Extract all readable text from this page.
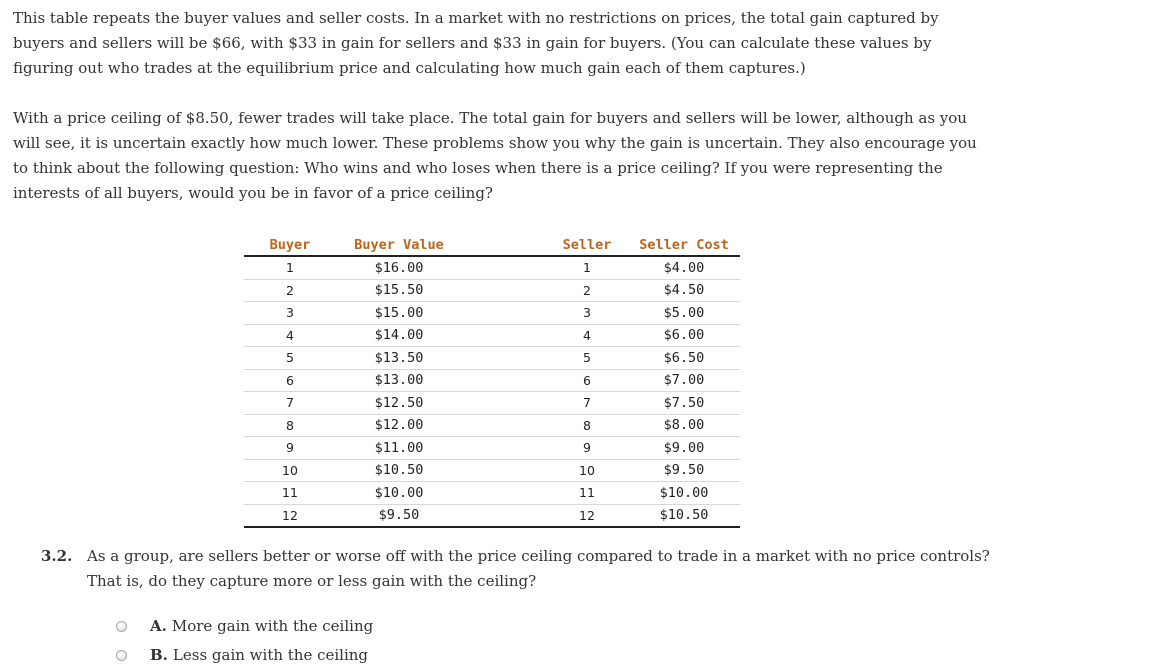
This table repeats the buyer values and seller costs. In a market with no restrictions on prices, the total gain captured by buyers and sellers will be $66, with $33 in gain for sellers and $33 in gain for buyers. (You can calculate these values by figuring out who trades at the equilibrium price and calculating how much gain each of them captures.)

With a price ceiling of $8.50, fewer trades will take place. The total gain for buyers and sellers will be lower, although as you will see, it is uncertain exactly how much lower. These problems show you why the gain is uncertain. They also encourage you to think about the following question: Who wins and who loses when there is a price ceiling? If you were representing the interests of all buyers, would you be in favor of a price ceiling?

Buyer	Buyer Value		Seller	Seller Cost
1	$16.00		1	$4.00
2	$15.50		2	$4.50
3	$15.00		3	$5.00
4	$14.00		4	$6.00
5	$13.50		5	$6.50
6	$13.00		6	$7.00
7	$12.50		7	$7.50
8	$12.00		8	$8.00
9	$11.00		9	$9.00
10	$10.50		10	$9.50
11	$10.00		11	$10.00
12	$9.50		12	$10.50
3.2. As a group, are sellers better or worse off with the price ceiling compared to trade in a market with no price controls? That is, do they capture more or less gain with the ceiling?

A. More gain with the ceiling
B. Less gain with the ceiling
